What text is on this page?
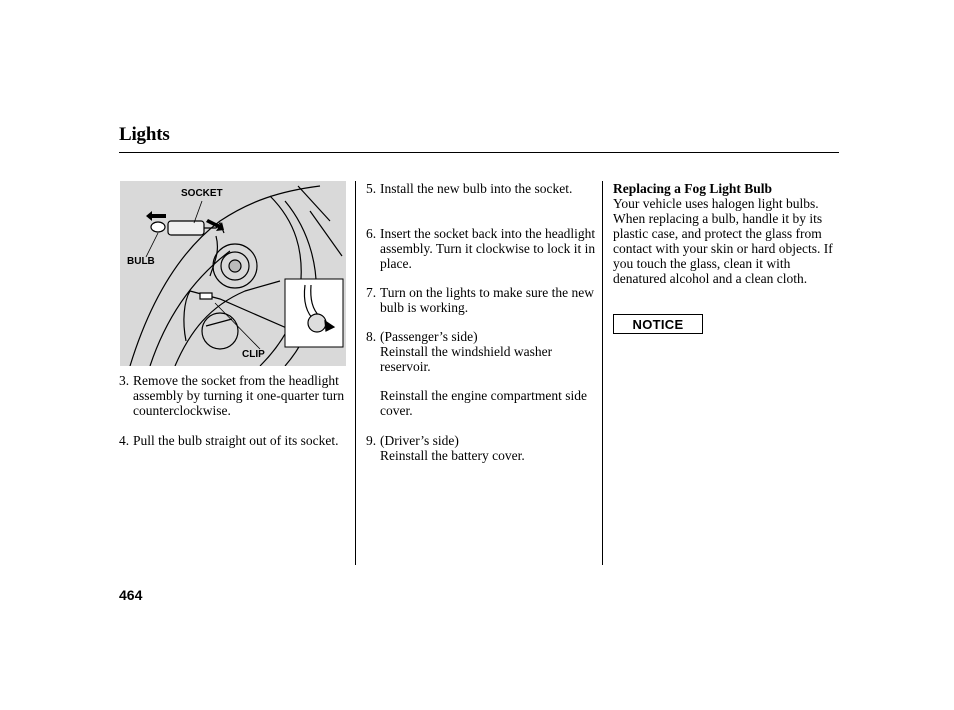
Lights
SOCKET
BULB
CLIP
3. Remove the socket from the headlight assembly by turning it one-quarter turn counterclockwise.
4. Pull the bulb straight out of its socket.
5. Install the new bulb into the socket.
6. Insert the socket back into the headlight assembly. Turn it clockwise to lock it in place.
7. Turn on the lights to make sure the new bulb is working.
8. (Passenger’s side)
Reinstall the windshield washer reservoir.
Reinstall the engine compartment side cover.
9. (Driver’s side)
Reinstall the battery cover.
Replacing a Fog Light Bulb
Your vehicle uses halogen light bulbs. When replacing a bulb, handle it by its plastic case, and protect the glass from contact with your skin or hard objects. If you touch the glass, clean it with denatured alcohol and a clean cloth.
NOTICE
464
